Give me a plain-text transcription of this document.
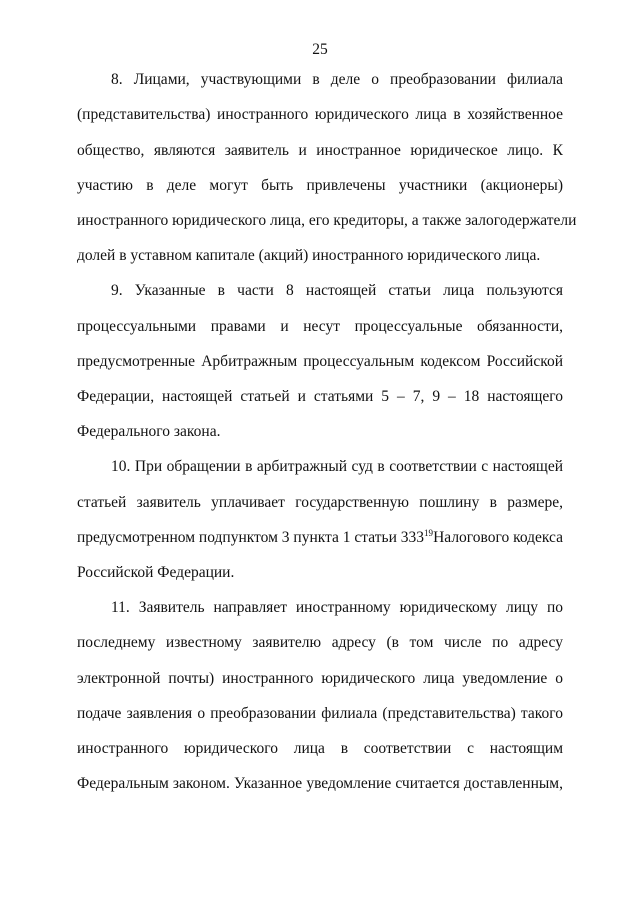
25
8. Лицами, участвующими в деле о преобразовании филиала
(представительства) иностранного юридического лица в хозяйственное
общество, являются заявитель и иностранное юридическое лицо. К
участию в деле могут быть привлечены участники (акционеры)
иностранного юридического лица, его кредиторы, а также залогодержатели
долей в уставном капитале (акций) иностранного юридического лица.
9. Указанные в части 8 настоящей статьи лица пользуются
процессуальными правами и несут процессуальные обязанности,
предусмотренные Арбитражным процессуальным кодексом Российской
Федерации, настоящей статьей и статьями 5 – 7, 9 – 18 настоящего
Федерального закона.
10. При обращении в арбитражный суд в соответствии с настоящей
статьей заявитель уплачивает государственную пошлину в размере,
предусмотренном подпунктом 3 пункта 1 статьи $333^{19}$ Налогового кодекса
Российской Федерации.
11. Заявитель направляет иностранному юридическому лицу по
последнему известному заявителю адресу (в том числе по адресу
электронной почты) иностранного юридического лица уведомление о
подаче заявления о преобразовании филиала (представительства) такого
иностранного юридического лица в соответствии с настоящим
Федеральным законом. Указанное уведомление считается доставленным,
